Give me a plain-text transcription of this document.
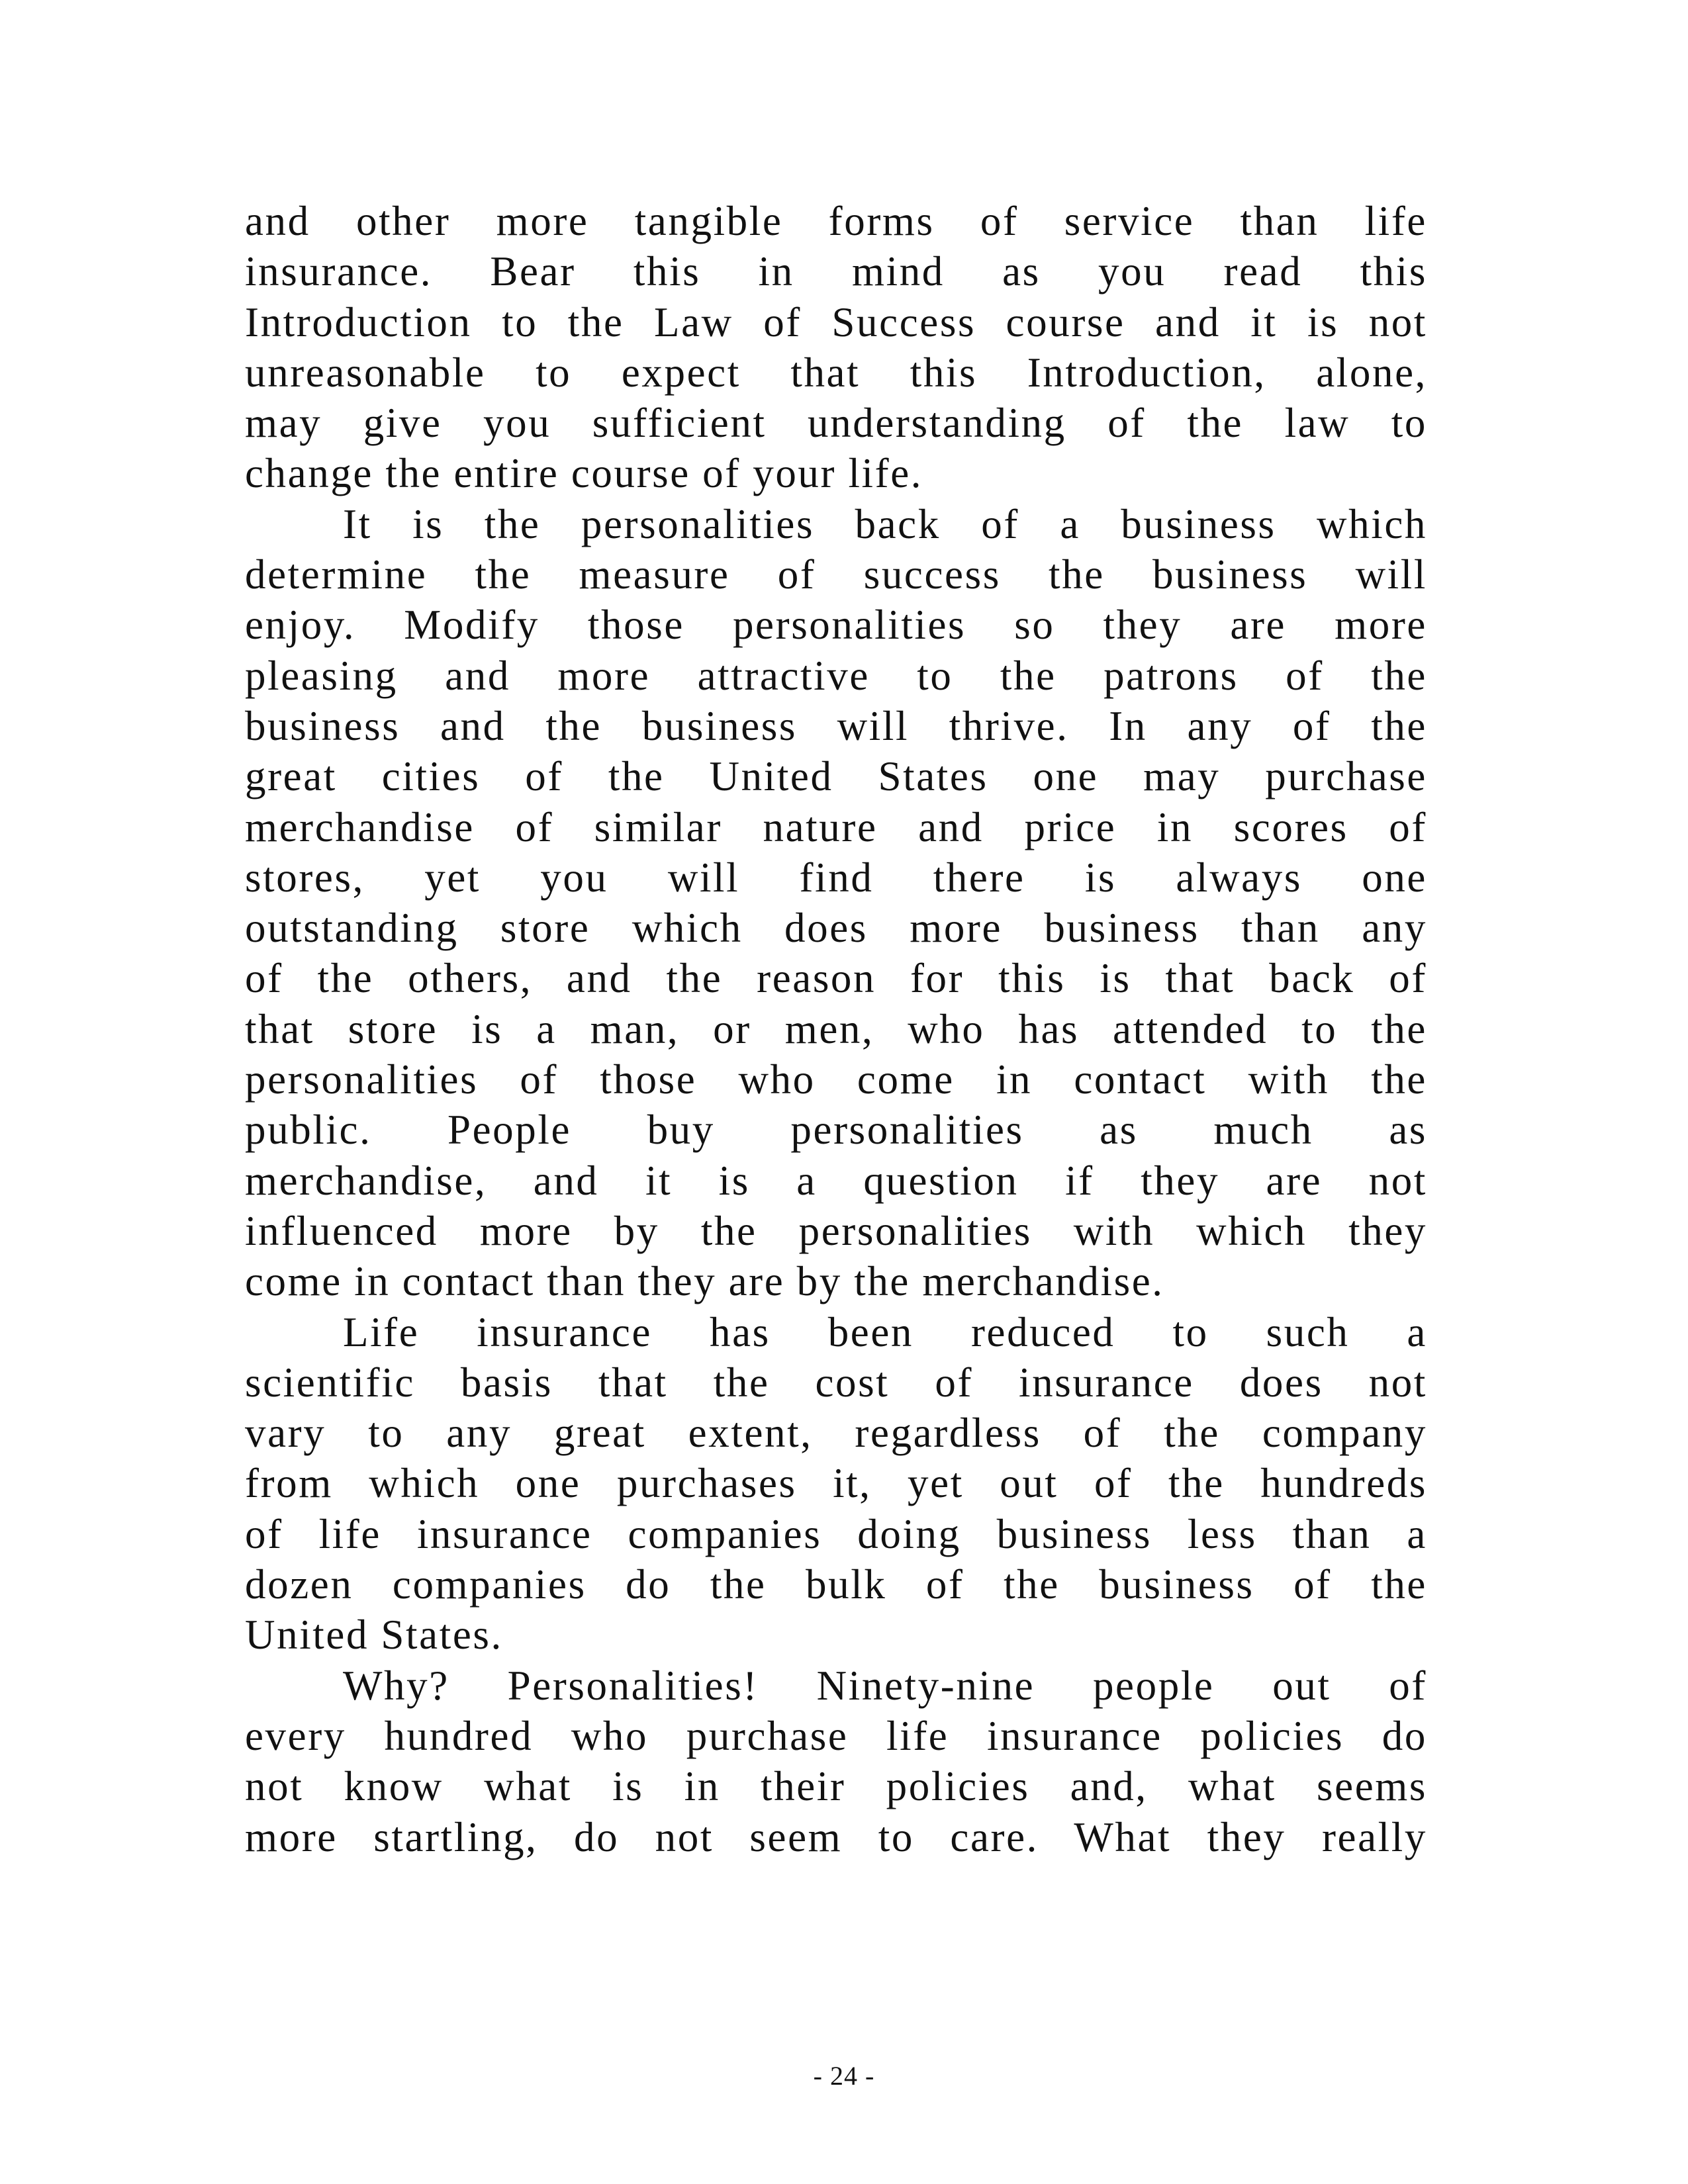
and other more tangible forms of service than life
insurance. Bear this in mind as you read this
Introduction to the Law of Success course and it is not
unreasonable to expect that this Introduction, alone,
may give you sufficient understanding of the law to
change the entire course of your life.
It is the personalities back of a business which
determine the measure of success the business will
enjoy. Modify those personalities so they are more
pleasing and more attractive to the patrons of the
business and the business will thrive. In any of the
great cities of the United States one may purchase
merchandise of similar nature and price in scores of
stores, yet you will find there is always one
outstanding store which does more business than any
of the others, and the reason for this is that back of
that store is a man, or men, who has attended to the
personalities of those who come in contact with the
public. People buy personalities as much as
merchandise, and it is a question if they are not
influenced more by the personalities with which they
come in contact than they are by the merchandise.
Life insurance has been reduced to such a
scientific basis that the cost of insurance does not
vary to any great extent, regardless of the company
from which one purchases it, yet out of the hundreds
of life insurance companies doing business less than a
dozen companies do the bulk of the business of the
United States.
Why? Personalities! Ninety-nine people out of
every hundred who purchase life insurance policies do
not know what is in their policies and, what seems
more startling, do not seem to care. What they really
- 24 -
